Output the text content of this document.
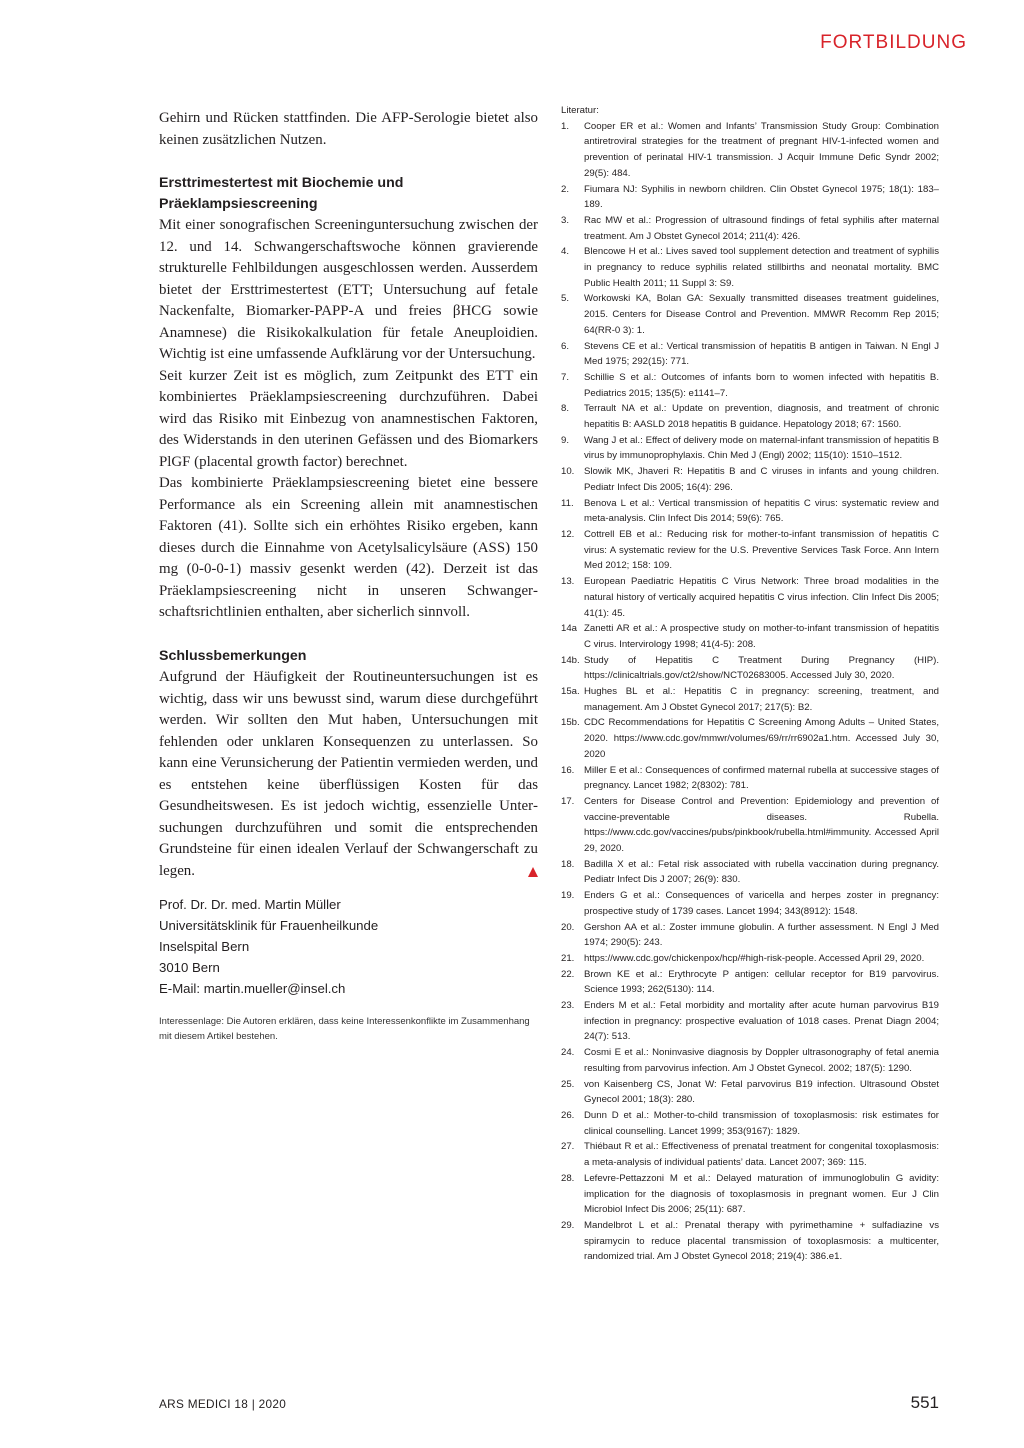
FORTBILDUNG

Gehirn und Rücken stattfinden. Die AFP-Serologie bietet also keinen zusätzlichen Nutzen.

Ersttrimestertest mit Biochemie und Präeklampsiescreening

Mit einer sonografischen Screeninguntersuchung zwischen der 12. und 14. Schwangerschaftswoche können gravierende strukturelle Fehlbildungen ausgeschlossen werden. Ausserdem bietet der Ersttrimestertest (ETT; Untersuchung auf fetale Nackenfalte, Biomarker-PAPP-A und freies βHCG sowie Anamnese) die Risikokalkulation für fetale Aneuploidien. Wichtig ist eine umfassende Aufklärung vor der Untersuchung.

Seit kurzer Zeit ist es möglich, zum Zeitpunkt des ETT ein kombiniertes Präeklampsiescreening durchzuführen. Dabei wird das Risiko mit Einbezug von anamnestischen Faktoren, des Widerstands in den uterinen Gefässen und des Biomarkers PlGF (placental growth factor) berechnet.

Das kombinierte Präeklampsiescreening bietet eine bessere Performance als ein Screening allein mit anamnestischen Faktoren (41). Sollte sich ein erhöhtes Risiko ergeben, kann dieses durch die Einnahme von Acetylsalicylsäure (ASS) 150 mg (0-0-0-1) massiv gesenkt werden (42). Derzeit ist das Präeklampsiescreening nicht in unseren Schwangerschaftsrichtlinien enthalten, aber sicherlich sinnvoll.

Schlussbemerkungen

Aufgrund der Häufigkeit der Routineuntersuchungen ist es wichtig, dass wir uns bewusst sind, warum diese durchgeführt werden. Wir sollten den Mut haben, Untersuchungen mit fehlenden oder unklaren Konsequenzen zu unterlassen. So kann eine Verunsicherung der Patientin vermieden werden, und es entstehen keine überflüssigen Kosten für das Gesundheitswesen. Es ist jedoch wichtig, essenzielle Untersuchungen durchzuführen und somit die entsprechenden Grundsteine für einen idealen Verlauf der Schwangerschaft zu legen.

Prof. Dr. Dr. med. Martin Müller
Universitätsklinik für Frauenheilkunde
Inselspital Bern
3010 Bern
E-Mail: martin.mueller@insel.ch
Interessenlage: Die Autoren erklären, dass keine Interessenkonflikte im Zusammenhang mit diesem Artikel bestehen.

Literatur:

1.	Cooper ER et al.: Women and Infants’ Transmission Study Group: Combination antiretroviral strategies for the treatment of pregnant HIV-1-infected women and prevention of perinatal HIV-1 transmission. J Acquir Immune Defic Syndr 2002; 29(5): 484.
2.	Fiumara NJ: Syphilis in newborn children. Clin Obstet Gynecol 1975; 18(1): 183–189.
3.	Rac MW et al.: Progression of ultrasound findings of fetal syphilis after maternal treatment. Am J Obstet Gynecol 2014; 211(4): 426.
4.	Blencowe H et al.: Lives saved tool supplement detection and treatment of syphilis in pregnancy to reduce syphilis related stillbirths and neonatal mortality. BMC Public Health 2011; 11 Suppl 3: S9.
5.	Workowski KA, Bolan GA: Sexually transmitted diseases treatment guidelines, 2015. Centers for Disease Control and Prevention. MMWR Recomm Rep 2015; 64(RR-0 3): 1.
6.	Stevens CE et al.: Vertical transmission of hepatitis B antigen in Taiwan. N Engl J Med 1975; 292(15): 771.
7.	Schillie S et al.: Outcomes of infants born to women infected with hepatitis B. Pediatrics 2015; 135(5): e1141–7.
8.	Terrault NA et al.: Update on prevention, diagnosis, and treatment of chronic hepatitis B: AASLD 2018 hepatitis B guidance. Hepatology 2018; 67: 1560.
9.	Wang J et al.: Effect of delivery mode on maternal-infant transmission of hepatitis B virus by immunoprophylaxis. Chin Med J (Engl) 2002; 115(10): 1510–1512.
10.	Slowik MK, Jhaveri R: Hepatitis B and C viruses in infants and young children. Pediatr Infect Dis 2005; 16(4): 296.
11.	Benova L et al.: Vertical transmission of hepatitis C virus: systematic review and meta-analysis. Clin Infect Dis 2014; 59(6): 765.
12.	Cottrell EB et al.: Reducing risk for mother-to-infant transmission of hepatitis C virus: A systematic review for the U.S. Preventive Services Task Force. Ann Intern Med 2012; 158: 109.
13.	European Paediatric Hepatitis C Virus Network: Three broad modalities in the natural history of vertically acquired hepatitis C virus infection. Clin Infect Dis 2005; 41(1): 45.
14a Zanetti AR et al.: A prospective study on mother-to-infant transmission of hepatitis C virus. Intervirology 1998; 41(4-5): 208.
14b. Study of Hepatitis C Treatment During Pregnancy (HIP). https://clinicaltrials.gov/ct2/show/NCT02683005. Accessed July 30, 2020.
15a. Hughes BL et al.: Hepatitis C in pregnancy: screening, treatment, and management. Am J Obstet Gynecol 2017; 217(5): B2.
15b. CDC Recommendations for Hepatitis C Screening Among Adults – United States, 2020. https://www.cdc.gov/mmwr/volumes/69/rr/rr6902a1.htm. Accessed July 30, 2020
16.	Miller E et al.: Consequences of confirmed maternal rubella at successive stages of pregnancy. Lancet 1982; 2(8302): 781.
17.	Centers for Disease Control and Prevention: Epidemiology and prevention of vaccine-preventable diseases. Rubella. https://www.cdc.gov/vaccines/pubs/pinkbook/rubella.html#immunity. Accessed April 29, 2020.
18.	Badilla X et al.: Fetal risk associated with rubella vaccination during pregnancy. Pediatr Infect Dis J 2007; 26(9): 830.
19.	Enders G et al.: Consequences of varicella and herpes zoster in pregnancy: prospective study of 1739 cases. Lancet 1994; 343(8912): 1548.
20.	Gershon AA et al.: Zoster immune globulin. A further assessment. N Engl J Med 1974; 290(5): 243.
21.	https://www.cdc.gov/chickenpox/hcp/#high-risk-people. Accessed April 29, 2020.
22.	Brown KE et al.: Erythrocyte P antigen: cellular receptor for B19 parvovirus. Science 1993; 262(5130): 114.
23.	Enders M et al.: Fetal morbidity and mortality after acute human parvovirus B19 infection in pregnancy: prospective evaluation of 1018 cases. Prenat Diagn 2004; 24(7): 513.
24.	Cosmi E et al.: Noninvasive diagnosis by Doppler ultrasonography of fetal anemia resulting from parvovirus infection. Am J Obstet Gynecol. 2002; 187(5): 1290.
25.	von Kaisenberg CS, Jonat W: Fetal parvovirus B19 infection. Ultrasound Obstet Gynecol 2001; 18(3): 280.
26.	Dunn D et al.: Mother-to-child transmission of toxoplasmosis: risk estimates for clinical counselling. Lancet 1999; 353(9167): 1829.
27.	Thiébaut R et al.: Effectiveness of prenatal treatment for congenital toxoplasmosis: a meta-analysis of individual patients’ data. Lancet 2007; 369: 115.
28.	Lefevre-Pettazzoni M et al.: Delayed maturation of immunoglobulin G avidity: implication for the diagnosis of toxoplasmosis in pregnant women. Eur J Clin Microbiol Infect Dis 2006; 25(11): 687.
29.	Mandelbrot L et al.: Prenatal therapy with pyrimethamine + sulfadiazine vs spiramycin to reduce placental transmission of toxoplasmosis: a multicenter, randomized trial. Am J Obstet Gynecol 2018; 219(4): 386.e1.
ARS MEDICI 18 | 2020	551
